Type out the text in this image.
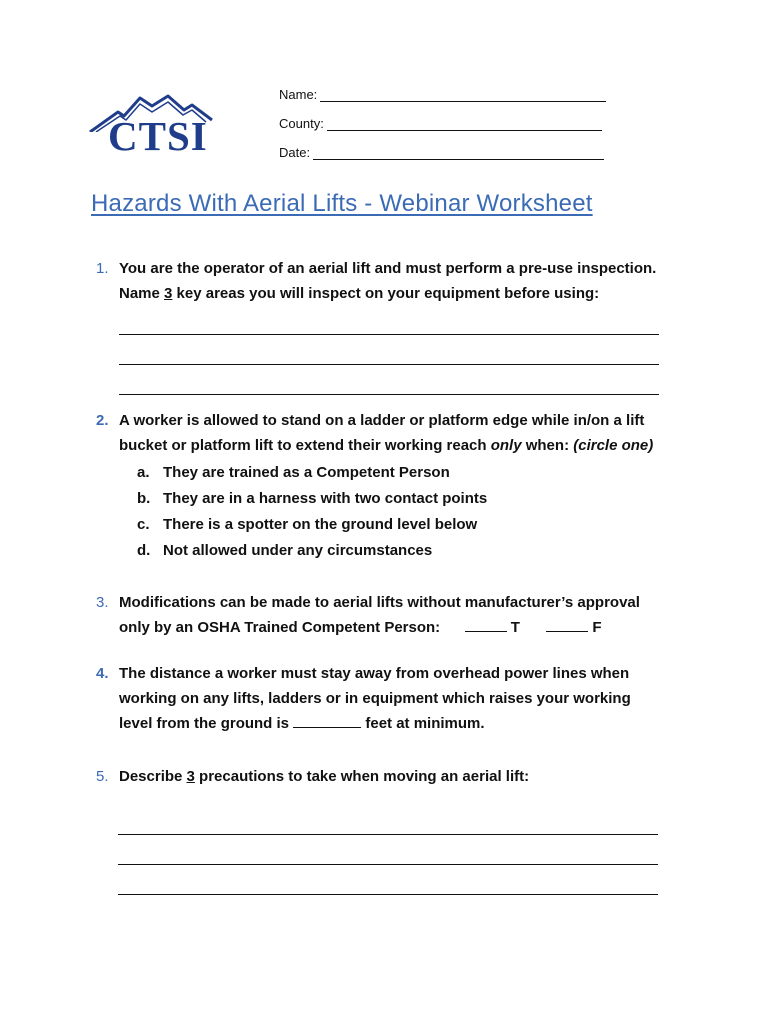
CTSI
Name:
County:
Date:
Hazards With Aerial Lifts - Webinar Worksheet
1. You are the operator of an aerial lift and must perform a pre-use inspection.
Name 3 key areas you will inspect on your equipment before using:
2. A worker is allowed to stand on a ladder or platform edge while in/on a lift
bucket or platform lift to extend their working reach only when: (circle one)
a. They are trained as a Competent Person
b. They are in a harness with two contact points
c. There is a spotter on the ground level below
d. Not allowed under any circumstances
3. Modifications can be made to aerial lifts without manufacturer’s approval
only by an OSHA Trained Competent Person:	T	F
4. The distance a worker must stay away from overhead power lines when
working on any lifts, ladders or in equipment which raises your working
level from the ground is	feet at minimum.
5. Describe 3 precautions to take when moving an aerial lift:
